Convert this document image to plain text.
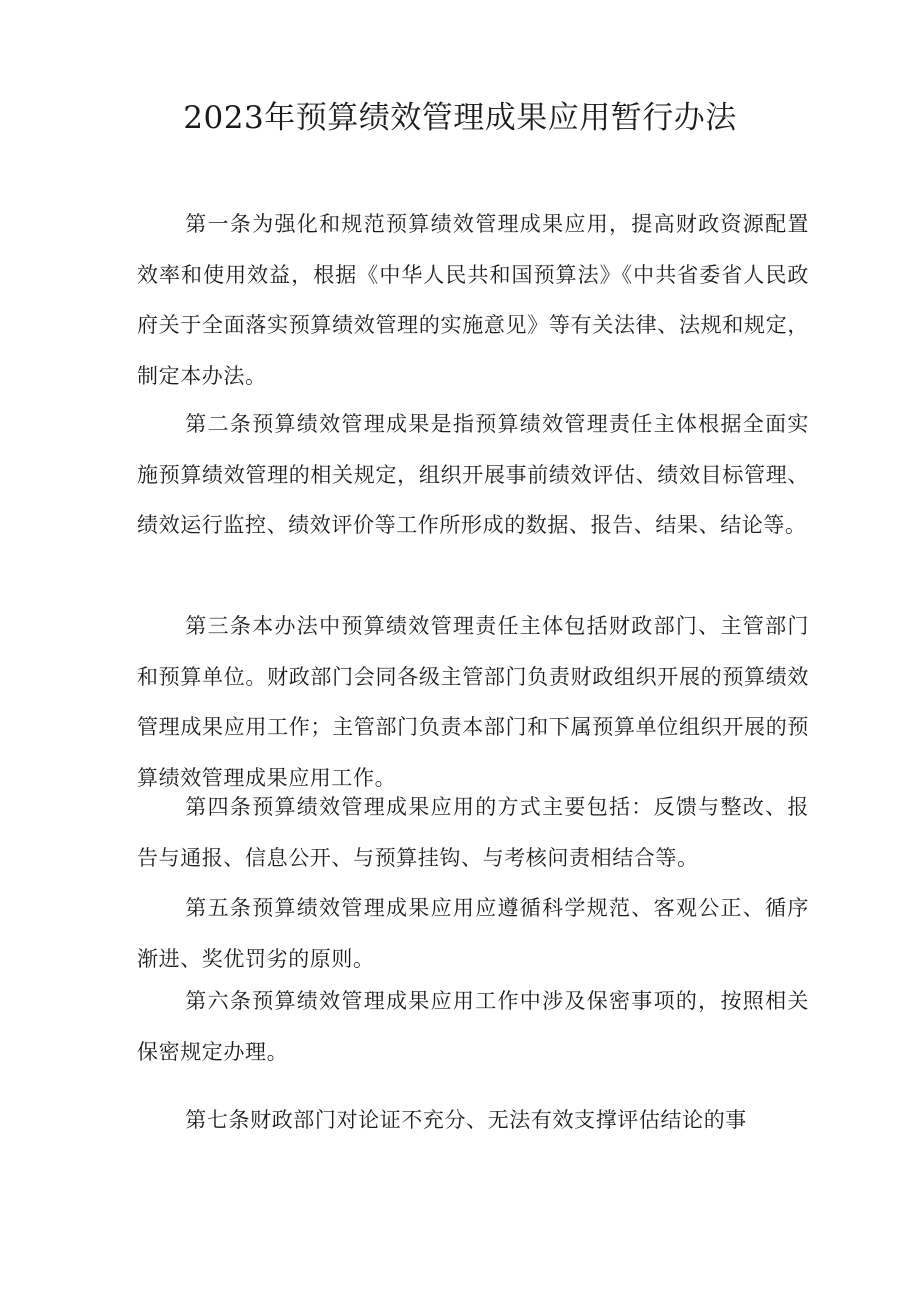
2023年预算绩效管理成果应用暂行办法

第一条为强化和规范预算绩效管理成果应用，提高财政资源配置效率和使用效益，根据《中华人民共和国预算法》《中共省委省人民政府关于全面落实预算绩效管理的实施意见》等有关法律、法规和规定，制定本办法。

第二条预算绩效管理成果是指预算绩效管理责任主体根据全面实施预算绩效管理的相关规定，组织开展事前绩效评估、绩效目标管理、绩效运行监控、绩效评价等工作所形成的数据、报告、结果、结论等。

第三条本办法中预算绩效管理责任主体包括财政部门、主管部门和预算单位。财政部门会同各级主管部门负责财政组织开展的预算绩效管理成果应用工作；主管部门负责本部门和下属预算单位组织开展的预算绩效管理成果应用工作。

第四条预算绩效管理成果应用的方式主要包括：反馈与整改、报告与通报、信息公开、与预算挂钩、与考核问责相结合等。

第五条预算绩效管理成果应用应遵循科学规范、客观公正、循序渐进、奖优罚劣的原则。

第六条预算绩效管理成果应用工作中涉及保密事项的，按照相关保密规定办理。

第七条财政部门对论证不充分、无法有效支撑评估结论的事
